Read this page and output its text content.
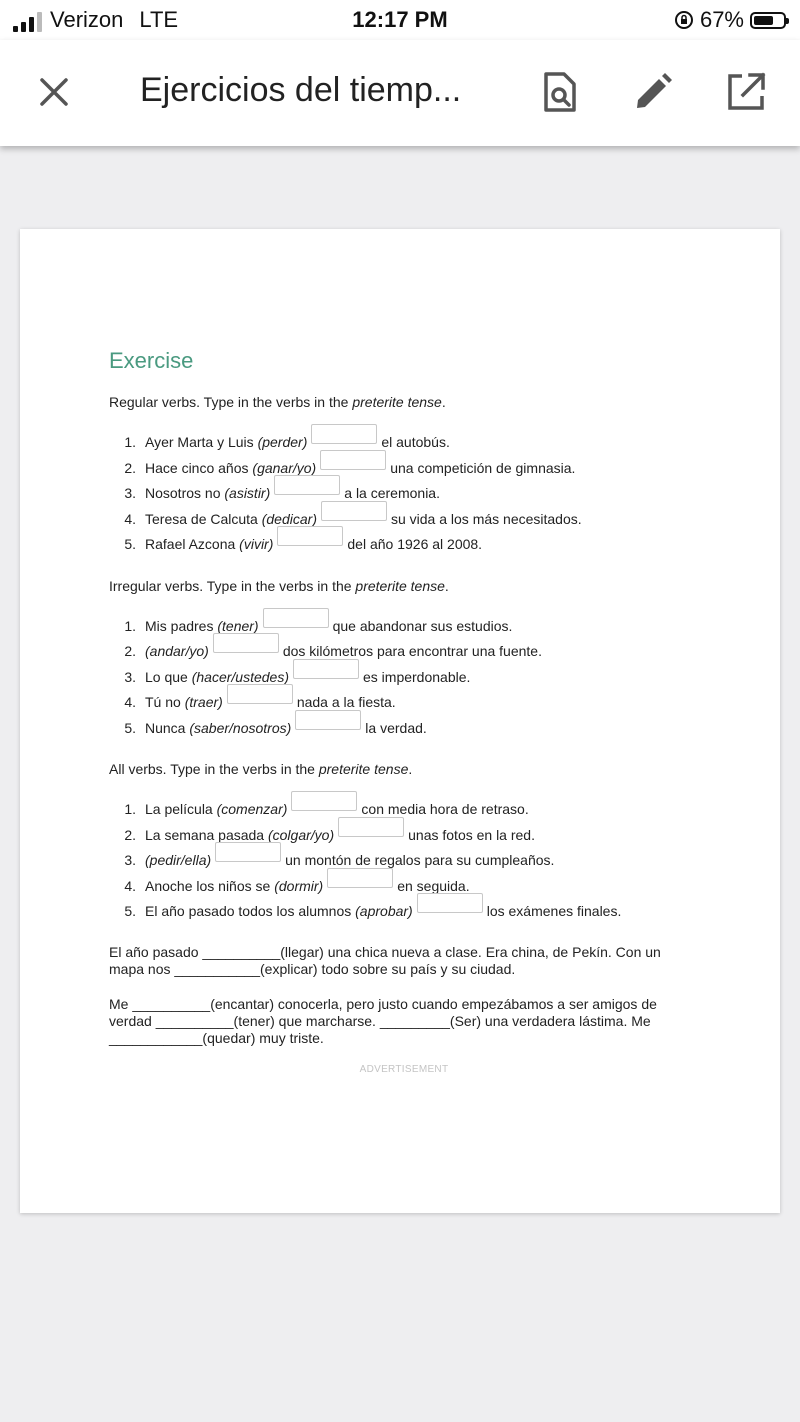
Verizon LTE	12:17 PM	67%
Ejercicios del tiemp...
Exercise

Regular verbs. Type in the verbs in the preterite tense.

1. Ayer Marta y Luis (perder)	el autobús.
2. Hace cinco años (ganar/yo)	una competición de gimnasia.
3. Nosotros no (asistir)	a la ceremonia.
4. Teresa de Calcuta (dedicar)	su vida a los más necesitados.
5. Rafael Azcona (vivir)	del año 1926 al 2008.

Irregular verbs. Type in the verbs in the preterite tense.

1. Mis padres (tener)	que abandonar sus estudios.
2. (andar/yo)	dos kilómetros para encontrar una fuente.
3. Lo que (hacer/ustedes)	es imperdonable.
4. Tú no (traer)	nada a la fiesta.
5. Nunca (saber/nosotros)	la verdad.

All verbs. Type in the verbs in the preterite tense.

1. La película (comenzar)	con media hora de retraso.
2. La semana pasada (colgar/yo)	unas fotos en la red.
3. (pedir/ella)	un montón de regalos para su cumpleaños.
4. Anoche los niños se (dormir)	en seguida.
5. El año pasado todos los alumnos (aprobar)	los exámenes finales.

El año pasado __________(llegar) una chica nueva a clase. Era china, de Pekín. Con un mapa nos ___________(explicar) todo sobre su país y su ciudad.

Me __________(encantar) conocerla, pero justo cuando empezábamos a ser amigos de verdad __________(tener) que marcharse. _________(Ser) una verdadera lástima. Me ____________(quedar) muy triste.

ADVERTISEMENT
